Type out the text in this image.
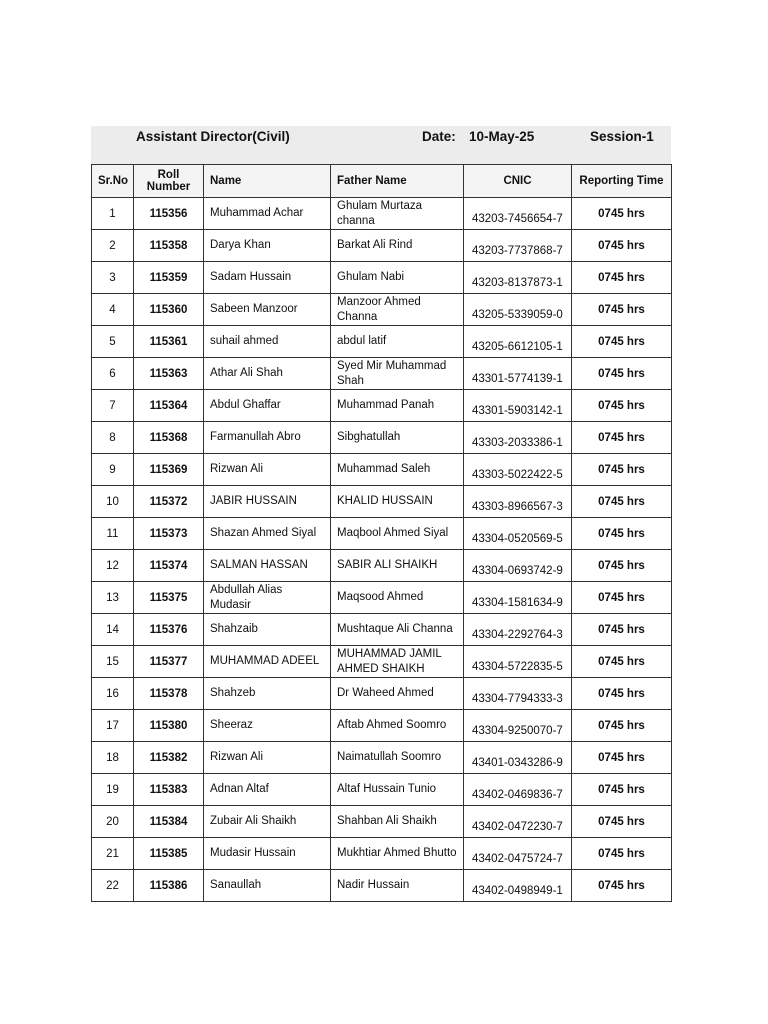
Assistant Director(Civil)	Date: 10-May-25	Session-1
Sr.No	Roll Number	Name	Father Name	CNIC	Reporting Time
1	115356	Muhammad Achar	Ghulam Murtaza channa	43203-7456654-7	0745 hrs
2	115358	Darya Khan	Barkat Ali Rind	43203-7737868-7	0745 hrs
3	115359	Sadam Hussain	Ghulam Nabi	43203-8137873-1	0745 hrs
4	115360	Sabeen Manzoor	Manzoor Ahmed Channa	43205-5339059-0	0745 hrs
5	115361	suhail ahmed	abdul latif	43205-6612105-1	0745 hrs
6	115363	Athar Ali Shah	Syed Mir Muhammad Shah	43301-5774139-1	0745 hrs
7	115364	Abdul Ghaffar	Muhammad Panah	43301-5903142-1	0745 hrs
8	115368	Farmanullah Abro	Sibghatullah	43303-2033386-1	0745 hrs
9	115369	Rizwan Ali	Muhammad Saleh	43303-5022422-5	0745 hrs
10	115372	JABIR HUSSAIN	KHALID HUSSAIN	43303-8966567-3	0745 hrs
11	115373	Shazan Ahmed Siyal	Maqbool Ahmed Siyal	43304-0520569-5	0745 hrs
12	115374	SALMAN HASSAN	SABIR ALI SHAIKH	43304-0693742-9	0745 hrs
13	115375	Abdullah Alias Mudasir	Maqsood Ahmed	43304-1581634-9	0745 hrs
14	115376	Shahzaib	Mushtaque Ali Channa	43304-2292764-3	0745 hrs
15	115377	MUHAMMAD ADEEL	MUHAMMAD JAMIL AHMED SHAIKH	43304-5722835-5	0745 hrs
16	115378	Shahzeb	Dr Waheed Ahmed	43304-7794333-3	0745 hrs
17	115380	Sheeraz	Aftab Ahmed Soomro	43304-9250070-7	0745 hrs
18	115382	Rizwan Ali	Naimatullah Soomro	43401-0343286-9	0745 hrs
19	115383	Adnan Altaf	Altaf Hussain Tunio	43402-0469836-7	0745 hrs
20	115384	Zubair Ali Shaikh	Shahban Ali Shaikh	43402-0472230-7	0745 hrs
21	115385	Mudasir Hussain	Mukhtiar Ahmed Bhutto	43402-0475724-7	0745 hrs
22	115386	Sanaullah	Nadir Hussain	43402-0498949-1	0745 hrs
